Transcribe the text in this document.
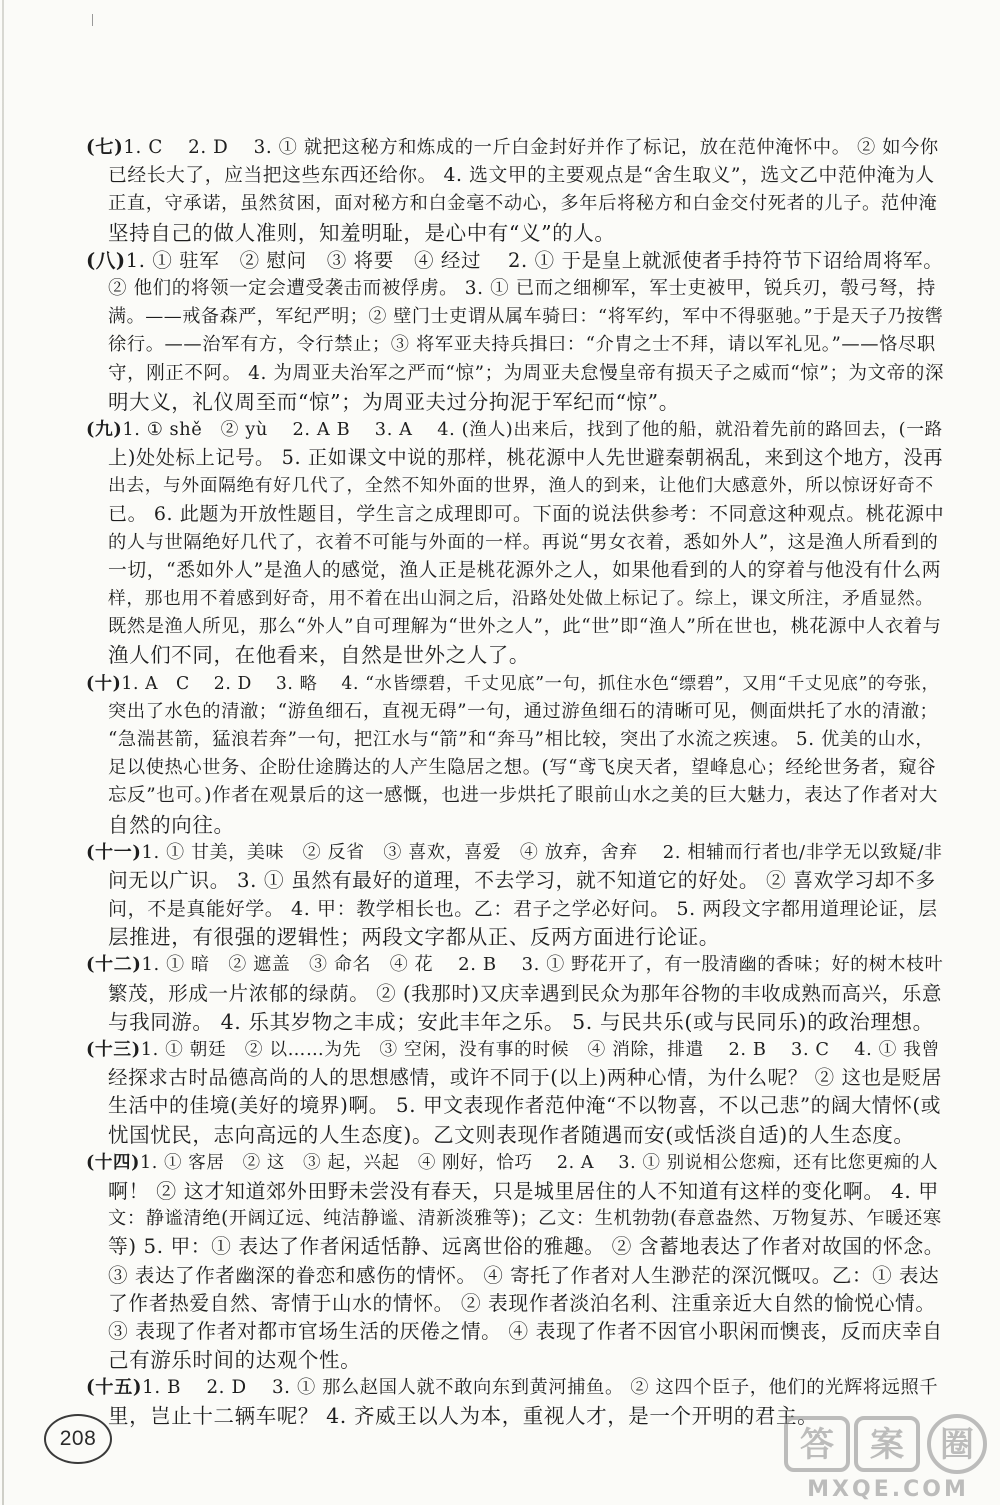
(七)1. C　 2. D　 3. ① 就把这秘方和炼成的一斤白金封好并作了标记，放在范仲淹怀中。 ② 如今你
已经长大了，应当把这些东西还给你。 4. 选文甲的主要观点是“舍生取义”，选文乙中范仲淹为人
正直，守承诺，虽然贫困，面对秘方和白金毫不动心，多年后将秘方和白金交付死者的儿子。范仲淹
坚持自己的做人准则，知羞明耻，是心中有“义”的人。
(八)1. ① 驻军　② 慰问　③ 将要　④ 经过　 2. ① 于是皇上就派使者手持符节下诏给周将军。
② 他们的将领一定会遭受袭击而被俘虏。 3. ① 已而之细柳军，军士吏被甲，锐兵刃，彀弓弩，持
满。——戒备森严，军纪严明；② 壁门士吏谓从属车骑曰：“将军约，军中不得驱驰。”于是天子乃按辔
徐行。——治军有方，令行禁止；③ 将军亚夫持兵揖曰：“介胄之士不拜，请以军礼见。”——恪尽职
守，刚正不阿。 4. 为周亚夫治军之严而“惊”；为周亚夫怠慢皇帝有损天子之威而“惊”；为文帝的深
明大义，礼仪周至而“惊”；为周亚夫过分拘泥于军纪而“惊”。
(九)1. ① shě　② yù　 2. A B　 3. A　 4. (渔人)出来后，找到了他的船，就沿着先前的路回去，(一路
上)处处标上记号。 5. 正如课文中说的那样，桃花源中人先世避秦朝祸乱，来到这个地方，没再
出去，与外面隔绝有好几代了，全然不知外面的世界，渔人的到来，让他们大感意外，所以惊讶好奇不
已。 6. 此题为开放性题目，学生言之成理即可。下面的说法供参考：不同意这种观点。桃花源中
的人与世隔绝好几代了，衣着不可能与外面的一样。再说“男女衣着，悉如外人”，这是渔人所看到的
一切，“悉如外人”是渔人的感觉，渔人正是桃花源外之人，如果他看到的人的穿着与他没有什么两
样，那也用不着感到好奇，用不着在出山洞之后，沿路处处做上标记了。综上，课文所注，矛盾显然。
既然是渔人所见，那么“外人”自可理解为“世外之人”，此“世”即“渔人”所在世也，桃花源中人衣着与
渔人们不同，在他看来，自然是世外之人了。
(十)1. A　C　 2. D　 3. 略　 4. “水皆缥碧，千丈见底”一句，抓住水色“缥碧”，又用“千丈见底”的夸张，
突出了水色的清澈；“游鱼细石，直视无碍”一句，通过游鱼细石的清晰可见，侧面烘托了水的清澈；
“急湍甚箭，猛浪若奔”一句，把江水与“箭”和“奔马”相比较，突出了水流之疾速。 5. 优美的山水，
足以使热心世务、企盼仕途腾达的人产生隐居之想。(写“鸢飞戾天者，望峰息心；经纶世务者，窥谷
忘反”也可。)作者在观景后的这一感慨，也进一步烘托了眼前山水之美的巨大魅力，表达了作者对大
自然的向往。
(十一)1. ① 甘美，美味　② 反省　③ 喜欢，喜爱　④ 放弃，舍弃　 2. 相辅而行者也/非学无以致疑/非
问无以广识。 3. ① 虽然有最好的道理，不去学习，就不知道它的好处。 ② 喜欢学习却不多
问，不是真能好学。 4. 甲：教学相长也。乙：君子之学必好问。 5. 两段文字都用道理论证，层
层推进，有很强的逻辑性；两段文字都从正、反两方面进行论证。
(十二)1. ① 暗　② 遮盖　③ 命名　④ 花　 2. B　 3. ① 野花开了，有一股清幽的香味；好的树木枝叶
繁茂，形成一片浓郁的绿荫。 ② (我那时)又庆幸遇到民众为那年谷物的丰收成熟而高兴，乐意
与我同游。 4. 乐其岁物之丰成；安此丰年之乐。 5. 与民共乐(或与民同乐)的政治理想。
(十三)1. ① 朝廷　② 以……为先　③ 空闲，没有事的时候　④ 消除，排遣　 2. B　 3. C　 4. ① 我曾
经探求古时品德高尚的人的思想感情，或许不同于(以上)两种心情，为什么呢？ ② 这也是贬居
生活中的佳境(美好的境界)啊。 5. 甲文表现作者范仲淹“不以物喜，不以己悲”的阔大情怀(或
忧国忧民，志向高远的人生态度)。乙文则表现作者随遇而安(或恬淡自适)的人生态度。
(十四)1. ① 客居　② 这　③ 起，兴起　④ 刚好，恰巧　 2. A　 3. ① 别说相公您痴，还有比您更痴的人
啊！ ② 这才知道郊外田野未尝没有春天，只是城里居住的人不知道有这样的变化啊。 4. 甲
文：静谧清绝(开阔辽远、纯洁静谧、清新淡雅等)；乙文：生机勃勃(春意盎然、万物复苏、乍暖还寒
等) 5. 甲：① 表达了作者闲适恬静、远离世俗的雅趣。 ② 含蓄地表达了作者对故国的怀念。
③ 表达了作者幽深的眷恋和感伤的情怀。 ④ 寄托了作者对人生渺茫的深沉慨叹。乙：① 表达
了作者热爱自然、寄情于山水的情怀。 ② 表现作者淡泊名利、注重亲近大自然的愉悦心情。
③ 表现了作者对都市官场生活的厌倦之情。 ④ 表现了作者不因官小职闲而懊丧，反而庆幸自
己有游乐时间的达观个性。
(十五)1. B　 2. D　 3. ① 那么赵国人就不敢向东到黄河捕鱼。 ② 这四个臣子，他们的光辉将远照千
里，岂止十二辆车呢？ 4. 齐威王以人为本，重视人才，是一个开明的君主。
208	答 案 圈
MXQE.COM
